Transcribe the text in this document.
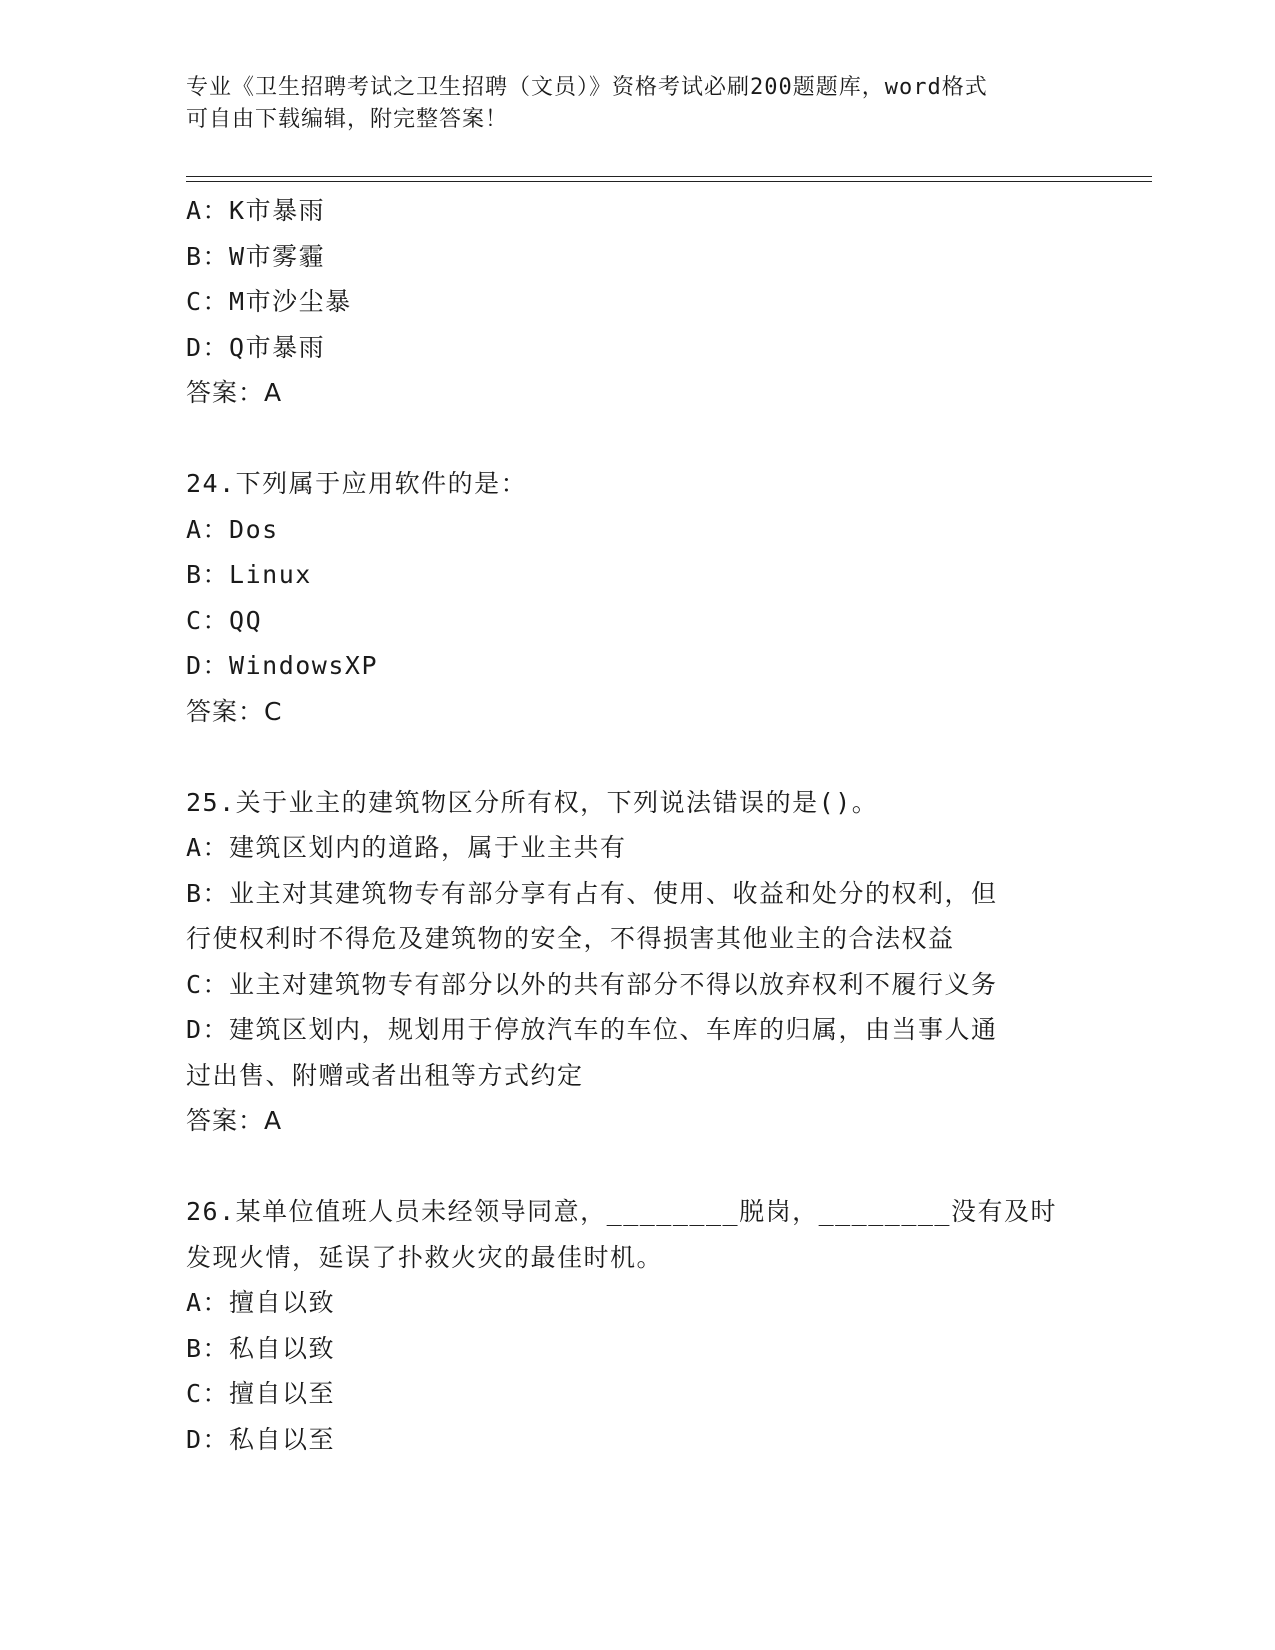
专业《卫生招聘考试之卫生招聘（文员）》资格考试必刷200题题库，word格式
可自由下载编辑，附完整答案！
A：K市暴雨
B：W市雾霾
C：M市沙尘暴
D：Q市暴雨
答案：A
24.下列属于应用软件的是：
A：Dos
B：Linux
C：QQ
D：WindowsXP
答案：C
25.关于业主的建筑物区分所有权，下列说法错误的是()。
A：建筑区划内的道路，属于业主共有
B：业主对其建筑物专有部分享有占有、使用、收益和处分的权利，但
行使权利时不得危及建筑物的安全，不得损害其他业主的合法权益
C：业主对建筑物专有部分以外的共有部分不得以放弃权利不履行义务
D：建筑区划内，规划用于停放汽车的车位、车库的归属，由当事人通
过出售、附赠或者出租等方式约定
答案：A
26.某单位值班人员未经领导同意，________脱岗，________没有及时
发现火情，延误了扑救火灾的最佳时机。
A：擅自以致
B：私自以致
C：擅自以至
D：私自以至
